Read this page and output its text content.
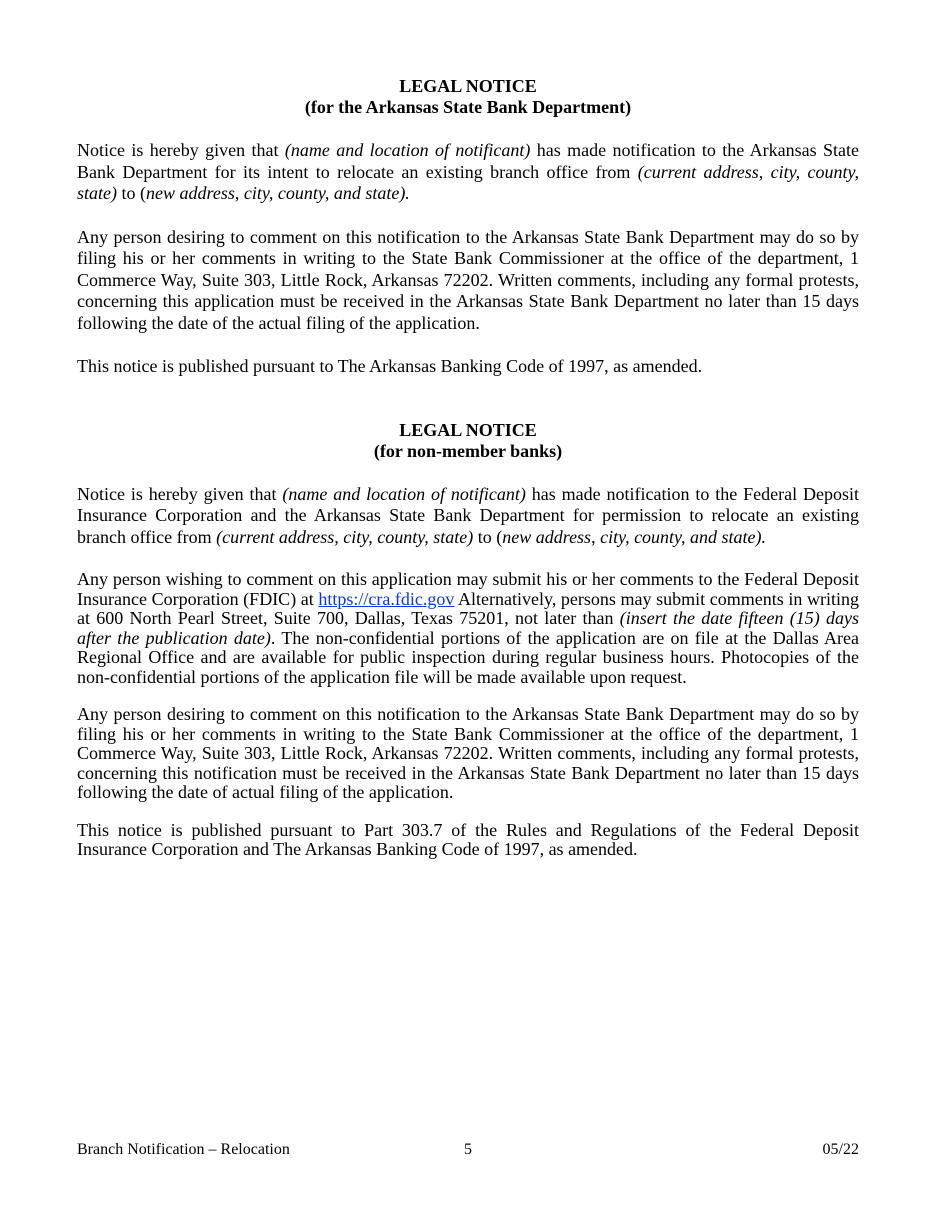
LEGAL NOTICE

(for the Arkansas State Bank Department)

Notice is hereby given that (name and location of notificant) has made notification to the Arkansas State Bank Department for its intent to relocate an existing branch office from (current address, city, county, state) to (new address, city, county, and state).

Any person desiring to comment on this notification to the Arkansas State Bank Department may do so by filing his or her comments in writing to the State Bank Commissioner at the office of the department, 1 Commerce Way, Suite 303, Little Rock, Arkansas 72202. Written comments, including any formal protests, concerning this application must be received in the Arkansas State Bank Department no later than 15 days following the date of the actual filing of the application.

This notice is published pursuant to The Arkansas Banking Code of 1997, as amended.

LEGAL NOTICE

(for non-member banks)

Notice is hereby given that (name and location of notificant) has made notification to the Federal Deposit Insurance Corporation and the Arkansas State Bank Department for permission to relocate an existing branch office from (current address, city, county, state) to (new address, city, county, and state).

Any person wishing to comment on this application may submit his or her comments to the Federal Deposit Insurance Corporation (FDIC) at https://cra.fdic.gov Alternatively, persons may submit comments in writing at 600 North Pearl Street, Suite 700, Dallas, Texas 75201, not later than (insert the date fifteen (15) days after the publication date). The non-confidential portions of the application are on file at the Dallas Area Regional Office and are available for public inspection during regular business hours. Photocopies of the non-confidential portions of the application file will be made available upon request.

Any person desiring to comment on this notification to the Arkansas State Bank Department may do so by filing his or her comments in writing to the State Bank Commissioner at the office of the department, 1 Commerce Way, Suite 303, Little Rock, Arkansas 72202. Written comments, including any formal protests, concerning this notification must be received in the Arkansas State Bank Department no later than 15 days following the date of actual filing of the application.

This notice is published pursuant to Part 303.7 of the Rules and Regulations of the Federal Deposit Insurance Corporation and The Arkansas Banking Code of 1997, as amended.

Branch Notification – Relocation	5	05/22
